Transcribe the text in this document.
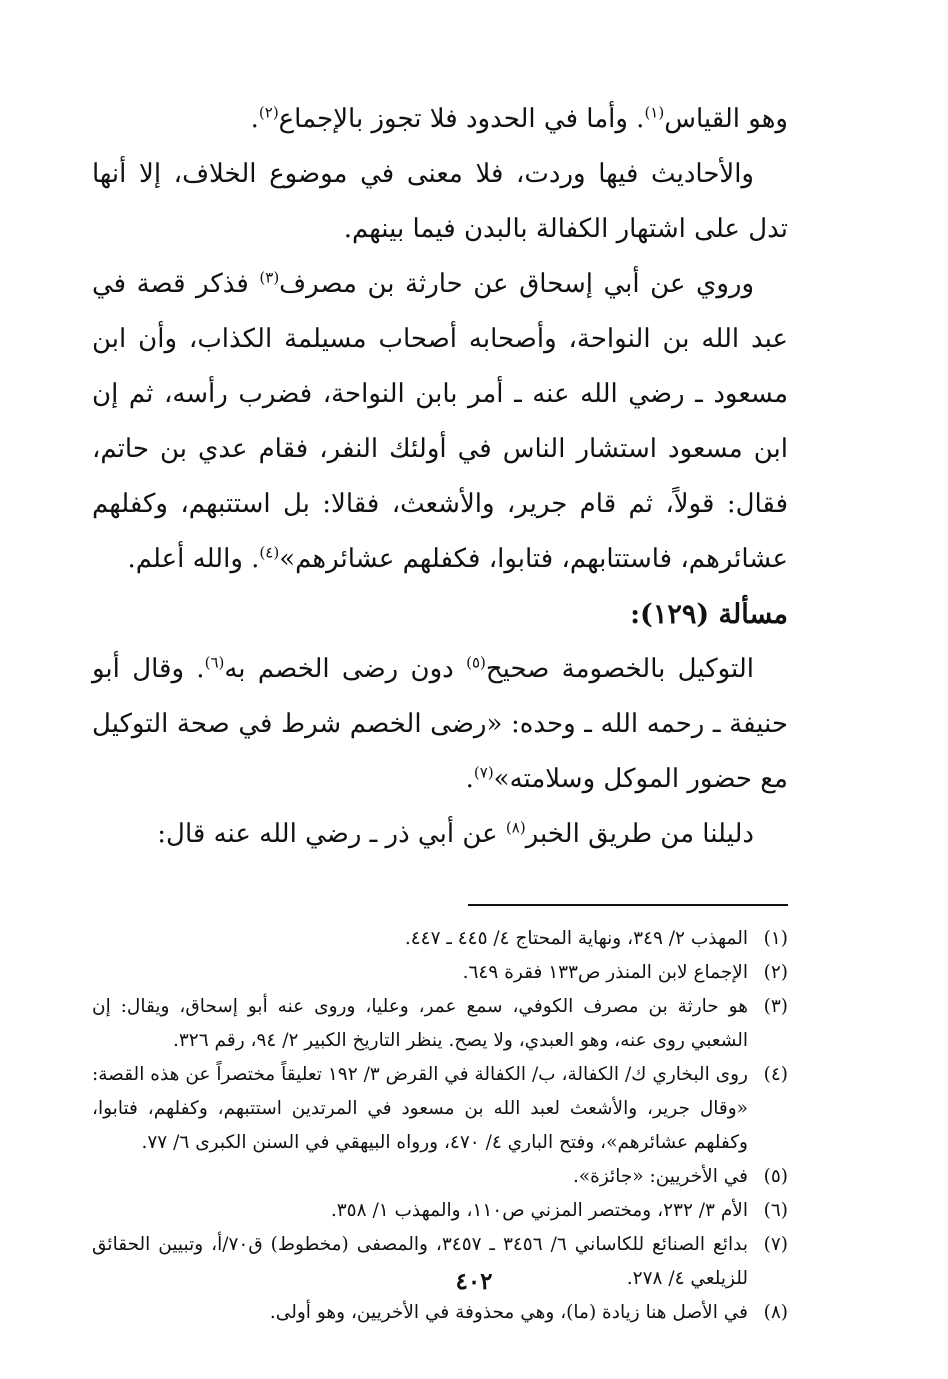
وهو القياس$^{(١)}$. وأما في الحدود فلا تجوز بالإجماع$^{(٢)}$.

والأحاديث فيها وردت، فلا معنى في موضوع الخلاف، إلا أنها تدل على اشتهار الكفالة بالبدن فيما بينهم.

وروي عن أبي إسحاق عن حارثة بن مصرف$^{(٣)}$ فذكر قصة في عبد الله بن النواحة، وأصحابه أصحاب مسيلمة الكذاب، وأن ابن مسعود ـ رضي الله عنه ـ أمر بابن النواحة، فضرب رأسه، ثم إن ابن مسعود استشار الناس في أولئك النفر، فقام عدي بن حاتم، فقال: قولاً، ثم قام جرير، والأشعث، فقالا: بل استتبهم، وكفلهم عشائرهم، فاستتابهم، فتابوا، فكفلهم عشائرهم»$^{(٤)}$. والله أعلم.

مسألة (١٢٩):

التوكيل بالخصومة صحيح$^{(٥)}$ دون رضى الخصم به$^{(٦)}$. وقال أبو حنيفة ـ رحمه الله ـ وحده: «رضى الخصم شرط في صحة التوكيل مع حضور الموكل وسلامته»$^{(٧)}$.

دليلنا من طريق الخبر$^{(٨)}$ عن أبي ذر ـ رضي الله عنه قال:

(١)
المهذب ٢/ ٣٤٩، ونهاية المحتاج ٤/ ٤٤٥ ـ ٤٤٧.
(٢)
الإجماع لابن المنذر ص١٣٣ فقرة ٦٤٩.
(٣)
هو حارثة بن مصرف الكوفي، سمع عمر، وعليا، وروى عنه أبو إسحاق، ويقال: إن الشعبي روى عنه، وهو العبدي، ولا يصح. ينظر التاريخ الكبير ٢/ ٩٤، رقم ٣٢٦.
(٤)
روى البخاري ك/ الكفالة، ب/ الكفالة في القرض ٣/ ١٩٢ تعليقاً مختصراً عن هذه القصة: «وقال جرير، والأشعث لعبد الله بن مسعود في المرتدين استتبهم، وكفلهم، فتابوا، وكفلهم عشائرهم»، وفتح الباري ٤/ ٤٧٠، ورواه البيهقي في السنن الكبرى ٦/ ٧٧.
(٥)
في الأخريين: «جائزة».
(٦)
الأم ٣/ ٢٣٢، ومختصر المزني ص١١٠، والمهذب ١/ ٣٥٨.
(٧)
بدائع الصنائع للكاساني ٦/ ٣٤٥٦ ـ ٣٤٥٧، والمصفى (مخطوط) ق٧٠/أ، وتبيين الحقائق للزيلعي ٤/ ٢٧٨.
(٨)
في الأصل هنا زيادة (ما)، وهي محذوفة في الأخريين، وهو أولى.
٤٠٢
